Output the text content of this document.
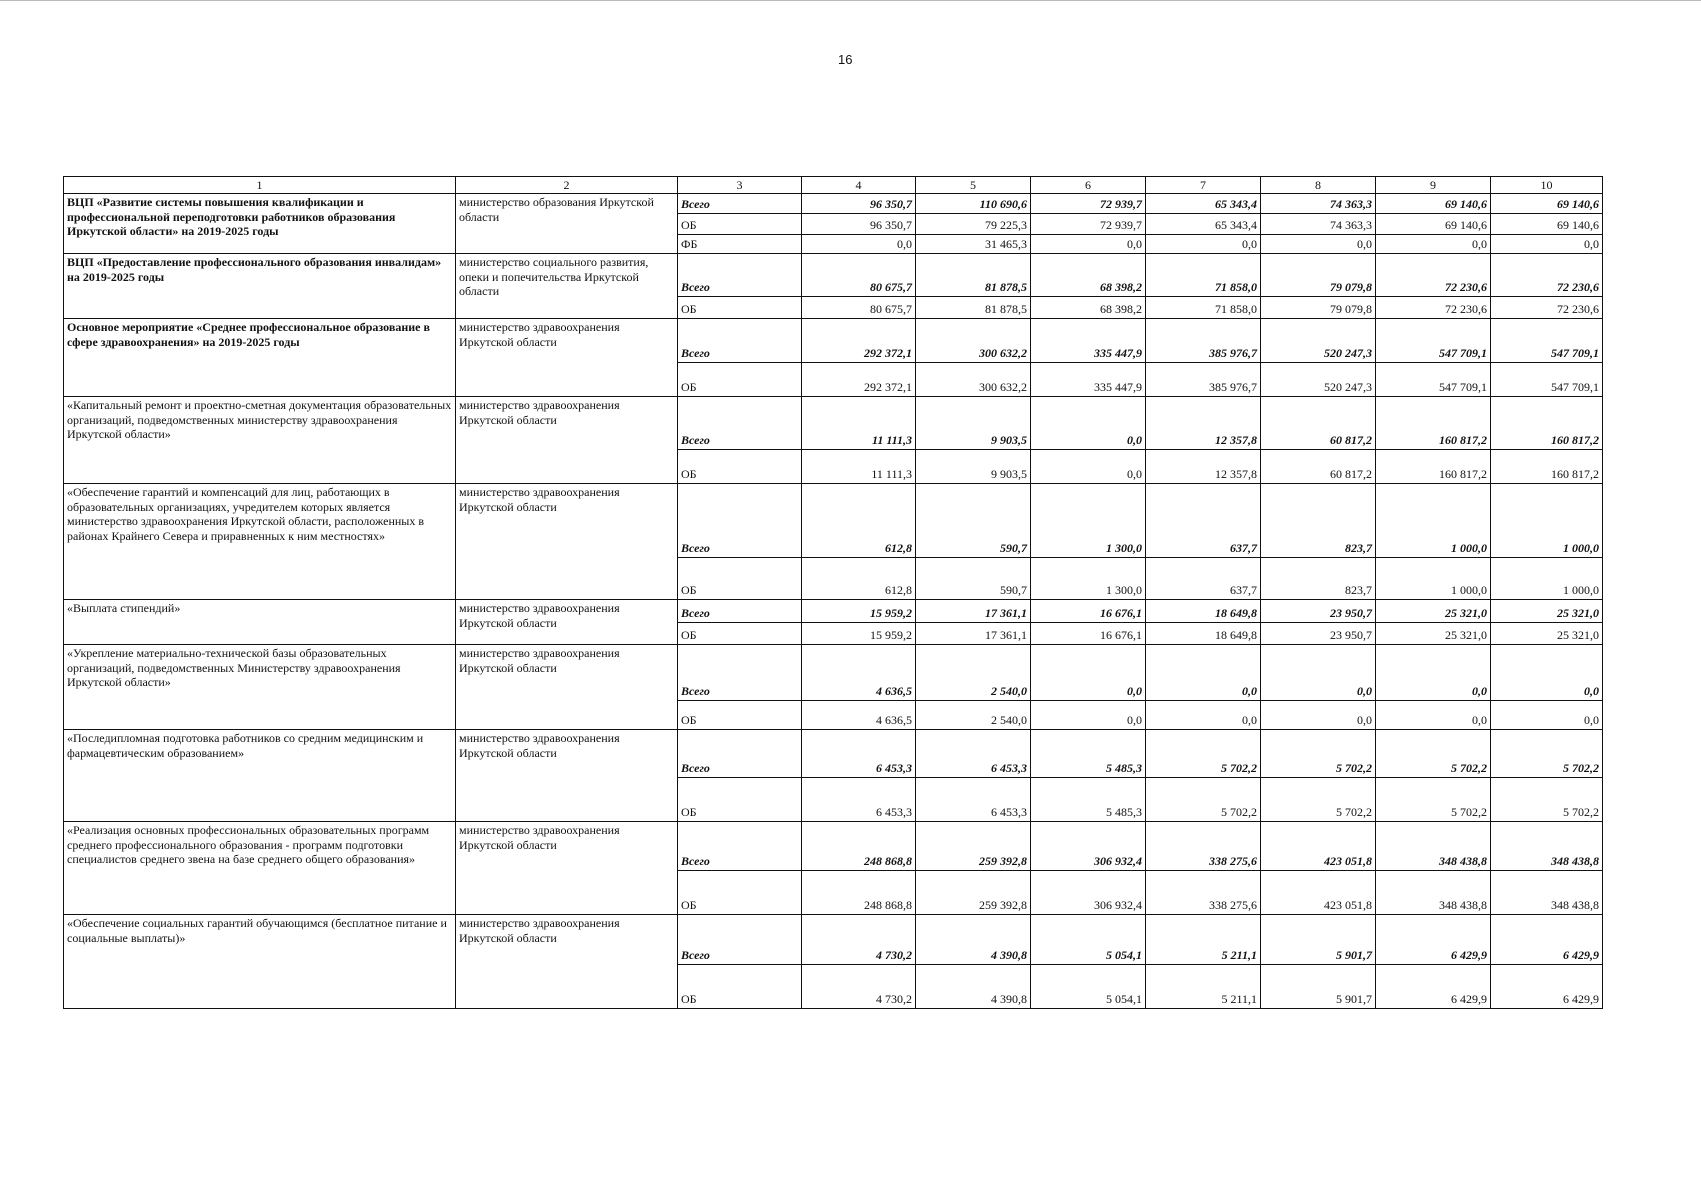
16
1	2	3	4	5	6	7	8	9	10
ВЦП «Развитие системы повышения квалификации и профессиональной переподготовки работников образования Иркутской области» на 2019-2025 годы	министерство образования Иркутской области	Всего	96 350,7	110 690,6	72 939,7	65 343,4	74 363,3	69 140,6	69 140,6
		ОБ	96 350,7	79 225,3	72 939,7	65 343,4	74 363,3	69 140,6	69 140,6
		ФБ	0,0	31 465,3	0,0	0,0	0,0	0,0	0,0
ВЦП «Предоставление профессионального образования инвалидам» на 2019-2025 годы	министерство социального развития, опеки и попечительства Иркутской области	Всего	80 675,7	81 878,5	68 398,2	71 858,0	79 079,8	72 230,6	72 230,6
		ОБ	80 675,7	81 878,5	68 398,2	71 858,0	79 079,8	72 230,6	72 230,6
Основное мероприятие «Среднее профессиональное образование в сфере здравоохранения» на 2019-2025 годы	министерство здравоохранения Иркутской области	Всего	292 372,1	300 632,2	335 447,9	385 976,7	520 247,3	547 709,1	547 709,1
		ОБ	292 372,1	300 632,2	335 447,9	385 976,7	520 247,3	547 709,1	547 709,1
«Капитальный ремонт и проектно-сметная документация образовательных организаций, подведомственных министерству здравоохранения Иркутской области»	министерство здравоохранения Иркутской области	Всего	11 111,3	9 903,5	0,0	12 357,8	60 817,2	160 817,2	160 817,2
		ОБ	11 111,3	9 903,5	0,0	12 357,8	60 817,2	160 817,2	160 817,2
«Обеспечение гарантий и компенсаций для лиц, работающих в образовательных организациях, учредителем которых является министерство здравоохранения Иркутской области, расположенных в районах Крайнего Севера и приравненных к ним местностях»	министерство здравоохранения Иркутской области	Всего	612,8	590,7	1 300,0	637,7	823,7	1 000,0	1 000,0
		ОБ	612,8	590,7	1 300,0	637,7	823,7	1 000,0	1 000,0
«Выплата стипендий»	министерство здравоохранения Иркутской области	Всего	15 959,2	17 361,1	16 676,1	18 649,8	23 950,7	25 321,0	25 321,0
		ОБ	15 959,2	17 361,1	16 676,1	18 649,8	23 950,7	25 321,0	25 321,0
«Укрепление материально-технической базы образовательных организаций, подведомственных Министерству здравоохранения Иркутской области»	министерство здравоохранения Иркутской области	Всего	4 636,5	2 540,0	0,0	0,0	0,0	0,0	0,0
		ОБ	4 636,5	2 540,0	0,0	0,0	0,0	0,0	0,0
«Последипломная подготовка работников со средним медицинским и фармацевтическим образованием»	министерство здравоохранения Иркутской области	Всего	6 453,3	6 453,3	5 485,3	5 702,2	5 702,2	5 702,2	5 702,2
		ОБ	6 453,3	6 453,3	5 485,3	5 702,2	5 702,2	5 702,2	5 702,2
«Реализация основных профессиональных образовательных программ среднего профессионального образования - программ подготовки специалистов среднего звена на базе среднего общего образования»	министерство здравоохранения Иркутской области	Всего	248 868,8	259 392,8	306 932,4	338 275,6	423 051,8	348 438,8	348 438,8
		ОБ	248 868,8	259 392,8	306 932,4	338 275,6	423 051,8	348 438,8	348 438,8
«Обеспечение социальных гарантий обучающимся (бесплатное питание и социальные выплаты)»	министерство здравоохранения Иркутской области	Всего	4 730,2	4 390,8	5 054,1	5 211,1	5 901,7	6 429,9	6 429,9
		ОБ	4 730,2	4 390,8	5 054,1	5 211,1	5 901,7	6 429,9	6 429,9
